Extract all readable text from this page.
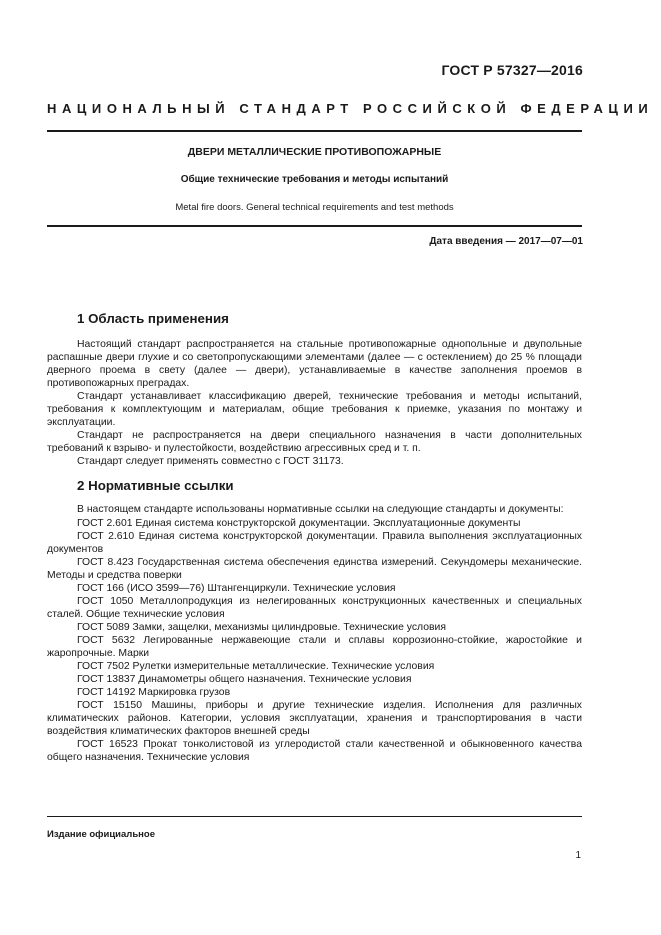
ГОСТ Р 57327—2016
НАЦИОНАЛЬНЫЙ СТАНДАРТ РОССИЙСКОЙ ФЕДЕРАЦИИ
ДВЕРИ МЕТАЛЛИЧЕСКИЕ ПРОТИВОПОЖАРНЫЕ
Общие технические требования и методы испытаний
Metal fire doors. General technical requirements and test methods
Дата введения — 2017—07—01
1 Область применения

Настоящий стандарт распространяется на стальные противопожарные однопольные и двупольные распашные двери глухие и со светопропускающими элементами (далее — с остеклением) до 25 % площади дверного проема в свету (далее — двери), устанавливаемые в качестве заполнения проемов в противопожарных преградах.

Стандарт устанавливает классификацию дверей, технические требования и методы испытаний, требования к комплектующим и материалам, общие требования к приемке, указания по монтажу и эксплуатации.

Стандарт не распространяется на двери специального назначения в части дополнительных требований к взрыво- и пулестойкости, воздействию агрессивных сред и т. п.

Стандарт следует применять совместно с ГОСТ 31173.

2 Нормативные ссылки

В настоящем стандарте использованы нормативные ссылки на следующие стандарты и документы:

ГОСТ 2.601 Единая система конструкторской документации. Эксплуатационные документы

ГОСТ 2.610 Единая система конструкторской документации. Правила выполнения эксплуатационных документов

ГОСТ 8.423 Государственная система обеспечения единства измерений. Секундомеры механические. Методы и средства поверки

ГОСТ 166 (ИСО 3599—76) Штангенциркули. Технические условия

ГОСТ 1050 Металлопродукция из нелегированных конструкционных качественных и специальных сталей. Общие технические условия

ГОСТ 5089 Замки, защелки, механизмы цилиндровые. Технические условия

ГОСТ 5632 Легированные нержавеющие стали и сплавы коррозионно-стойкие, жаростойкие и жаропрочные. Марки

ГОСТ 7502 Рулетки измерительные металлические. Технические условия

ГОСТ 13837 Динамометры общего назначения. Технические условия

ГОСТ 14192 Маркировка грузов

ГОСТ 15150 Машины, приборы и другие технические изделия. Исполнения для различных климатических районов. Категории, условия эксплуатации, хранения и транспортирования в части воздействия климатических факторов внешней среды

ГОСТ 16523 Прокат тонколистовой из углеродистой стали качественной и обыкновенного качества общего назначения. Технические условия

Издание официальное
1
